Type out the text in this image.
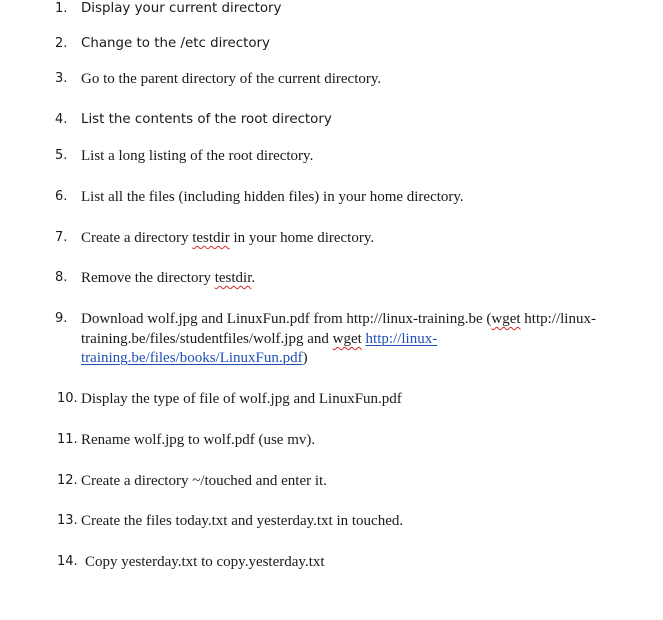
1. Display your current directory
2. Change to the /etc directory
3. Go to the parent directory of the current directory.
4. List the contents of the root directory
5. List a long listing of the root directory.
6. List all the files (including hidden files) in your home directory.
7. Create a directory testdir in your home directory.
8. Remove the directory testdir.
9. Download wolf.jpg and LinuxFun.pdf from http://linux-training.be (wget http://linux-
training.be/files/studentfiles/wolf.jpg and wget http://linux-
training.be/files/books/LinuxFun.pdf)
10. Display the type of file of wolf.jpg and LinuxFun.pdf
11. Rename wolf.jpg to wolf.pdf (use mv).
12. Create a directory ~/touched and enter it.
13. Create the files today.txt and yesterday.txt in touched.
14. Copy yesterday.txt to copy.yesterday.txt
